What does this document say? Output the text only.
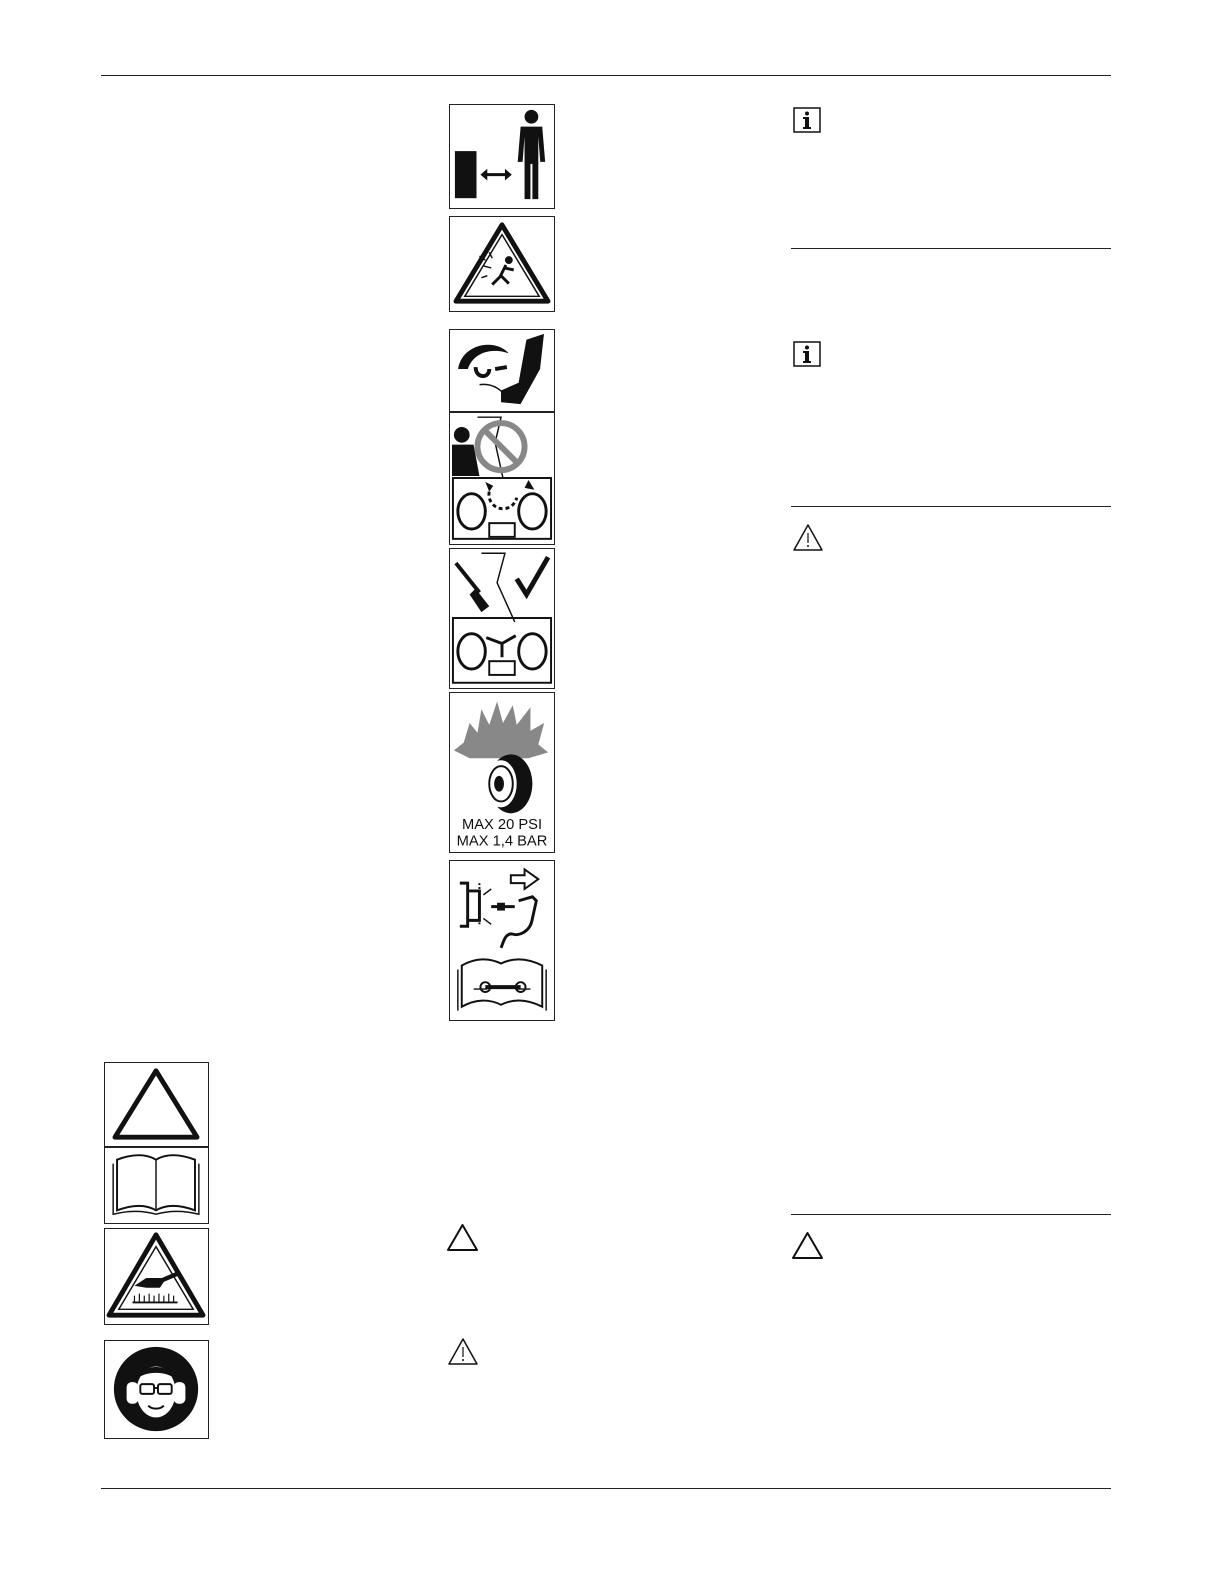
MAX 20 PSI
MAX 1,4 BAR
